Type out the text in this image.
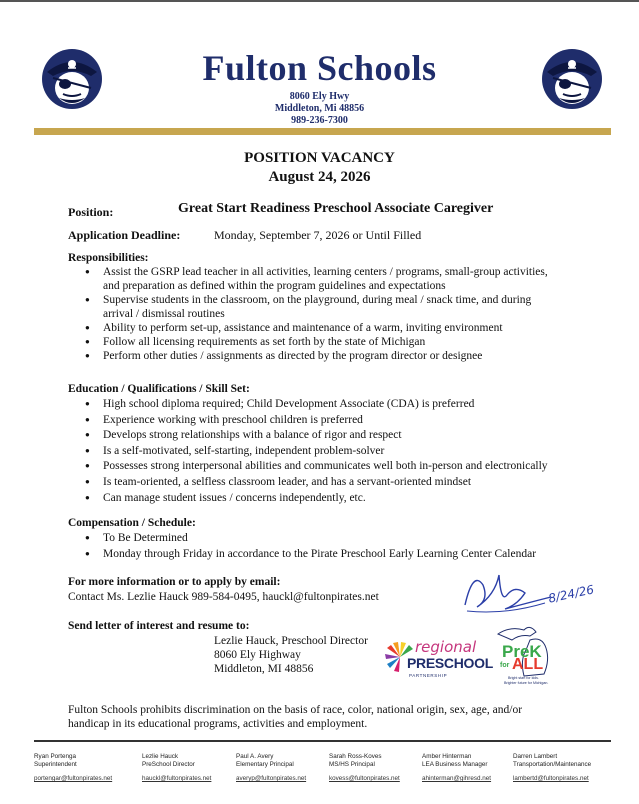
Fulton Schools
8060 Ely Hwy
Middleton, Mi 48856
989-236-7300
POSITION VACANCY
August 24, 2026
Position:	Great Start Readiness Preschool Associate Caregiver
Application Deadline:	Monday, September 7, 2026 or Until Filled
Responsibilities:
● Assist the GSRP lead teacher in all activities, learning centers / programs, small-group activities,
and preparation as defined within the program guidelines and expectations
● Supervise students in the classroom, on the playground, during meal / snack time, and during
arrival / dismissal routines
● Ability to perform set-up, assistance and maintenance of a warm, inviting environment
● Follow all licensing requirements as set forth by the state of Michigan
● Perform other duties / assignments as directed by the program director or designee
Education / Qualifications / Skill Set:
● High school diploma required; Child Development Associate (CDA) is preferred
● Experience working with preschool children is preferred
● Develops strong relationships with a balance of rigor and respect
● Is a self-motivated, self-starting, independent problem-solver
● Possesses strong interpersonal abilities and communicates well both in-person and electronically
● Is team-oriented, a selfless classroom leader, and has a servant-oriented mindset
● Can manage student issues / concerns independently, etc.
Compensation / Schedule:
● To Be Determined
● Monday through Friday in accordance to the Pirate Preschool Early Learning Center Calendar
For more information or to apply by email:
Contact Ms. Lezlie Hauck 989-584-0495, hauckl@fultonpirates.net
Send letter of interest and resume to:
Lezlie Hauck, Preschool Director
8060 Ely Highway
Middleton, MI 48856
8/24/26
regional
PRESCHOOL
PARTNERSHIP
PreK
for ALL
Bright start for kids.
Brighter future for Michigan.
Fulton Schools prohibits discrimination on the basis of race, color, national origin, sex, age, and/or
handicap in its educational programs, activities and employment.
Ryan Portenga
Superintendent
portengar@fultonpirates.net
Lezlie Hauck
PreSchool Director
hauckl@fultonpirates.net
Paul A. Avery
Elementary Principal
averyp@fultonpirates.net
Sarah Ross-Koves
MS/HS Principal
kovess@fultonpirates.net
Amber Hinterman
LEA Business Manager
ahinterman@gihresd.net
Darren Lambert
Transportation/Maintenance
lambertd@fultonpirates.net
